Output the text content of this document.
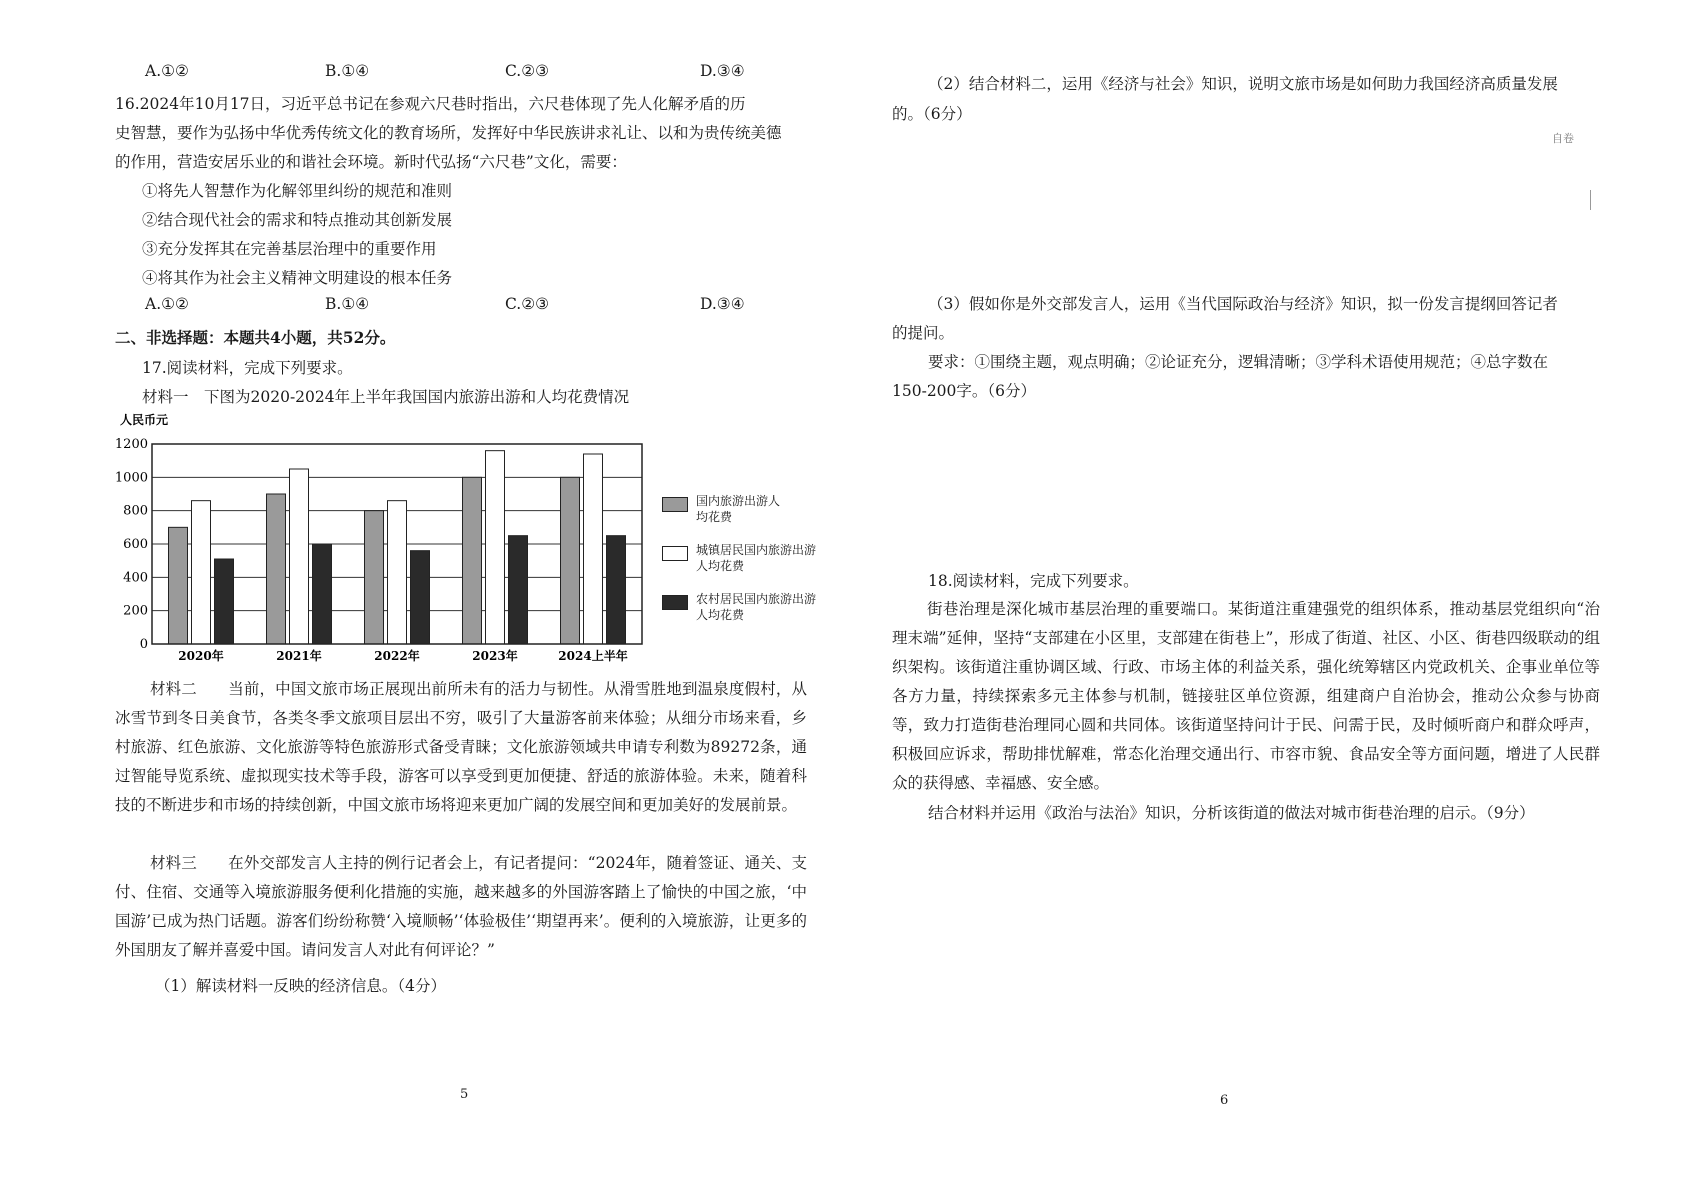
A.①②	B.①④	C.②③	D.③④
16.2024年10月17日，习近平总书记在参观六尺巷时指出，六尺巷体现了先人化解矛盾的历
史智慧，要作为弘扬中华优秀传统文化的教育场所，发挥好中华民族讲求礼让、以和为贵传统美德
的作用，营造安居乐业的和谐社会环境。新时代弘扬“六尺巷”文化，需要：
①将先人智慧作为化解邻里纠纷的规范和准则
②结合现代社会的需求和特点推动其创新发展
③充分发挥其在完善基层治理中的重要作用
④将其作为社会主义精神文明建设的根本任务
A.①②	B.①④	C.②③	D.③④
二、非选择题：本题共4小题，共52分。
17.阅读材料，完成下列要求。
材料一　下图为2020-2024年上半年我国国内旅游出游和人均花费情况
人民币元
0
200
400
600
800
1000
1200
2020年	2021年	2022年	2023年	2024上半年
国内旅游出游人均花费
城镇居民国内旅游出游人均花费
农村居民国内旅游出游人均花费
材料二　　当前，中国文旅市场正展现出前所未有的活力与韧性。从滑雪胜地到温泉度假村，从冰雪节到冬日美食节，各类冬季文旅项目层出不穷，吸引了大量游客前来体验；从细分市场来看，乡村旅游、红色旅游、文化旅游等特色旅游形式备受青睐；文化旅游领域共申请专利数为89272条，通过智能导览系统、虚拟现实技术等手段，游客可以享受到更加便捷、舒适的旅游体验。未来，随着科技的不断进步和市场的持续创新，中国文旅市场将迎来更加广阔的发展空间和更加美好的发展前景。
材料三　　在外交部发言人主持的例行记者会上，有记者提问：“2024年，随着签证、通关、支付、住宿、交通等入境旅游服务便利化措施的实施，越来越多的外国游客踏上了愉快的中国之旅，‘中国游’已成为热门话题。游客们纷纷称赞‘入境顺畅’‘体验极佳’‘期望再来’。便利的入境旅游，让更多的外国朋友了解并喜爱中国。请问发言人对此有何评论？”
（1）解读材料一反映的经济信息。（4分）
5
（2）结合材料二，运用《经济与社会》知识，说明文旅市场是如何助力我国经济高质量发展
的。（6分）
自卷
（3）假如你是外交部发言人，运用《当代国际政治与经济》知识，拟一份发言提纲回答记者
的提问。
要求：①围绕主题，观点明确；②论证充分，逻辑清晰；③学科术语使用规范；④总字数在
150-200字。（6分）
18.阅读材料，完成下列要求。
街巷治理是深化城市基层治理的重要端口。某街道注重建强党的组织体系，推动基层党组织向“治理末端”延伸，坚持“支部建在小区里，支部建在街巷上”，形成了街道、社区、小区、街巷四级联动的组织架构。该街道注重协调区域、行政、市场主体的利益关系，强化统筹辖区内党政机关、企事业单位等各方力量，持续探索多元主体参与机制，链接驻区单位资源，组建商户自治协会，推动公众参与协商等，致力打造街巷治理同心圆和共同体。该街道坚持问计于民、问需于民，及时倾听商户和群众呼声，积极回应诉求，帮助排忧解难，常态化治理交通出行、市容市貌、食品安全等方面问题，增进了人民群众的获得感、幸福感、安全感。
结合材料并运用《政治与法治》知识，分析该街道的做法对城市街巷治理的启示。（9分）
6
